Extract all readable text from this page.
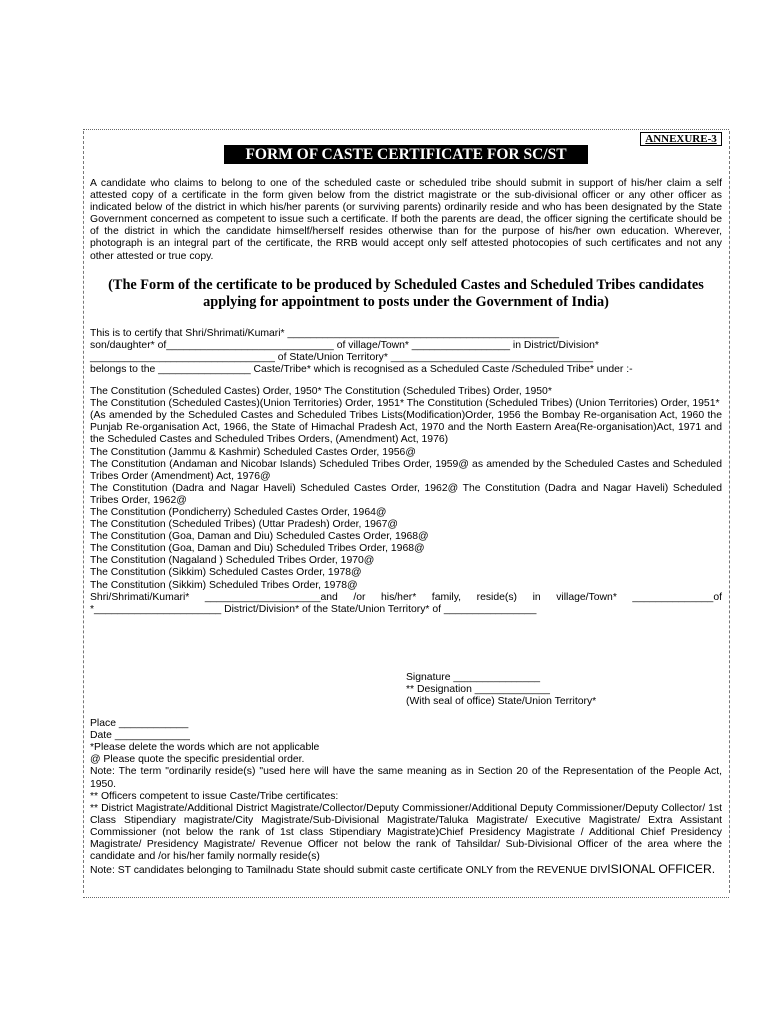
ANNEXURE-3
FORM OF CASTE CERTIFICATE FOR SC/ST

A candidate who claims to belong to one of the scheduled caste or scheduled tribe should submit in support of his/her claim a self attested copy of a certificate in the form given below from the district magistrate or the sub-divisional officer or any other officer as indicated below of the district in which his/her parents (or surviving parents) ordinarily reside and who has been designated by the State Government concerned as competent to issue such a certificate. If both the parents are dead, the officer signing the certificate should be of the district in which the candidate himself/herself resides otherwise than for the purpose of his/her own education. Wherever, photograph is an integral part of the certificate, the RRB would accept only self attested photocopies of such certificates and not any other attested or true copy.

(The Form of the certificate to be produced by Scheduled Castes and Scheduled Tribes candidates applying for appointment to posts under the Government of India)

This is to certify that Shri/Shrimati/Kumari* _______________________________________________

son/daughter* of_____________________________ of village/Town* _________________ in District/Division*

________________________________ of State/Union Territory* ___________________________________

belongs to the ________________ Caste/Tribe* which is recognised as a Scheduled Caste /Scheduled Tribe* under :-

The Constitution (Scheduled Castes) Order, 1950* The Constitution (Scheduled Tribes) Order, 1950*

The Constitution (Scheduled Castes)(Union Territories) Order, 1951* The Constitution (Scheduled Tribes) (Union Territories) Order, 1951*

(As amended by the Scheduled Castes and Scheduled Tribes Lists(Modification)Order, 1956 the Bombay Re-organisation Act, 1960 the Punjab Re-organisation Act, 1966, the State of Himachal Pradesh Act, 1970 and the North Eastern Area(Re-organisation)Act, 1971 and the Scheduled Castes and Scheduled Tribes Orders, (Amendment) Act, 1976)

The Constitution (Jammu & Kashmir) Scheduled Castes Order, 1956@

The Constitution (Andaman and Nicobar Islands) Scheduled Tribes Order, 1959@ as amended by the Scheduled Castes and Scheduled Tribes Order (Amendment) Act, 1976@

The Constitution (Dadra and Nagar Haveli) Scheduled Castes Order, 1962@ The Constitution (Dadra and Nagar Haveli) Scheduled Tribes Order, 1962@

The Constitution (Pondicherry) Scheduled Castes Order, 1964@

The Constitution (Scheduled Tribes) (Uttar Pradesh) Order, 1967@

The Constitution (Goa, Daman and Diu) Scheduled Castes Order, 1968@

The Constitution (Goa, Daman and Diu) Scheduled Tribes Order, 1968@

The Constitution (Nagaland ) Scheduled Tribes Order, 1970@

The Constitution (Sikkim) Scheduled Castes Order, 1978@

The Constitution (Sikkim) Scheduled Tribes Order, 1978@

Shri/Shrimati/Kumari* ____________________and /or his/her* family, reside(s) in village/Town* ______________of *______________________ District/Division* of the State/Union Territory* of ________________

Signature _______________

** Designation _____________

(With seal of office) State/Union Territory*

Place ____________

Date _____________

*Please delete the words which are not applicable

@ Please quote the specific presidential order.

Note: The term "ordinarily reside(s) "used here will have the same meaning as in Section 20 of the Representation of the People Act, 1950.

** Officers competent to issue Caste/Tribe certificates:

** District Magistrate/Additional District Magistrate/Collector/Deputy Commissioner/Additional Deputy Commissioner/Deputy Collector/ 1st Class Stipendiary magistrate/City Magistrate/Sub-Divisional Magistrate/Taluka Magistrate/ Executive Magistrate/ Extra Assistant Commissioner (not below the rank of 1st class Stipendiary Magistrate)Chief Presidency Magistrate / Additional Chief Presidency Magistrate/ Presidency Magistrate/ Revenue Officer not below the rank of Tahsildar/ Sub-Divisional Officer of the area where the candidate and /or his/her family normally reside(s)

Note: ST candidates belonging to Tamilnadu State should submit caste certificate ONLY from the REVENUE DIVISIONAL OFFICER.
